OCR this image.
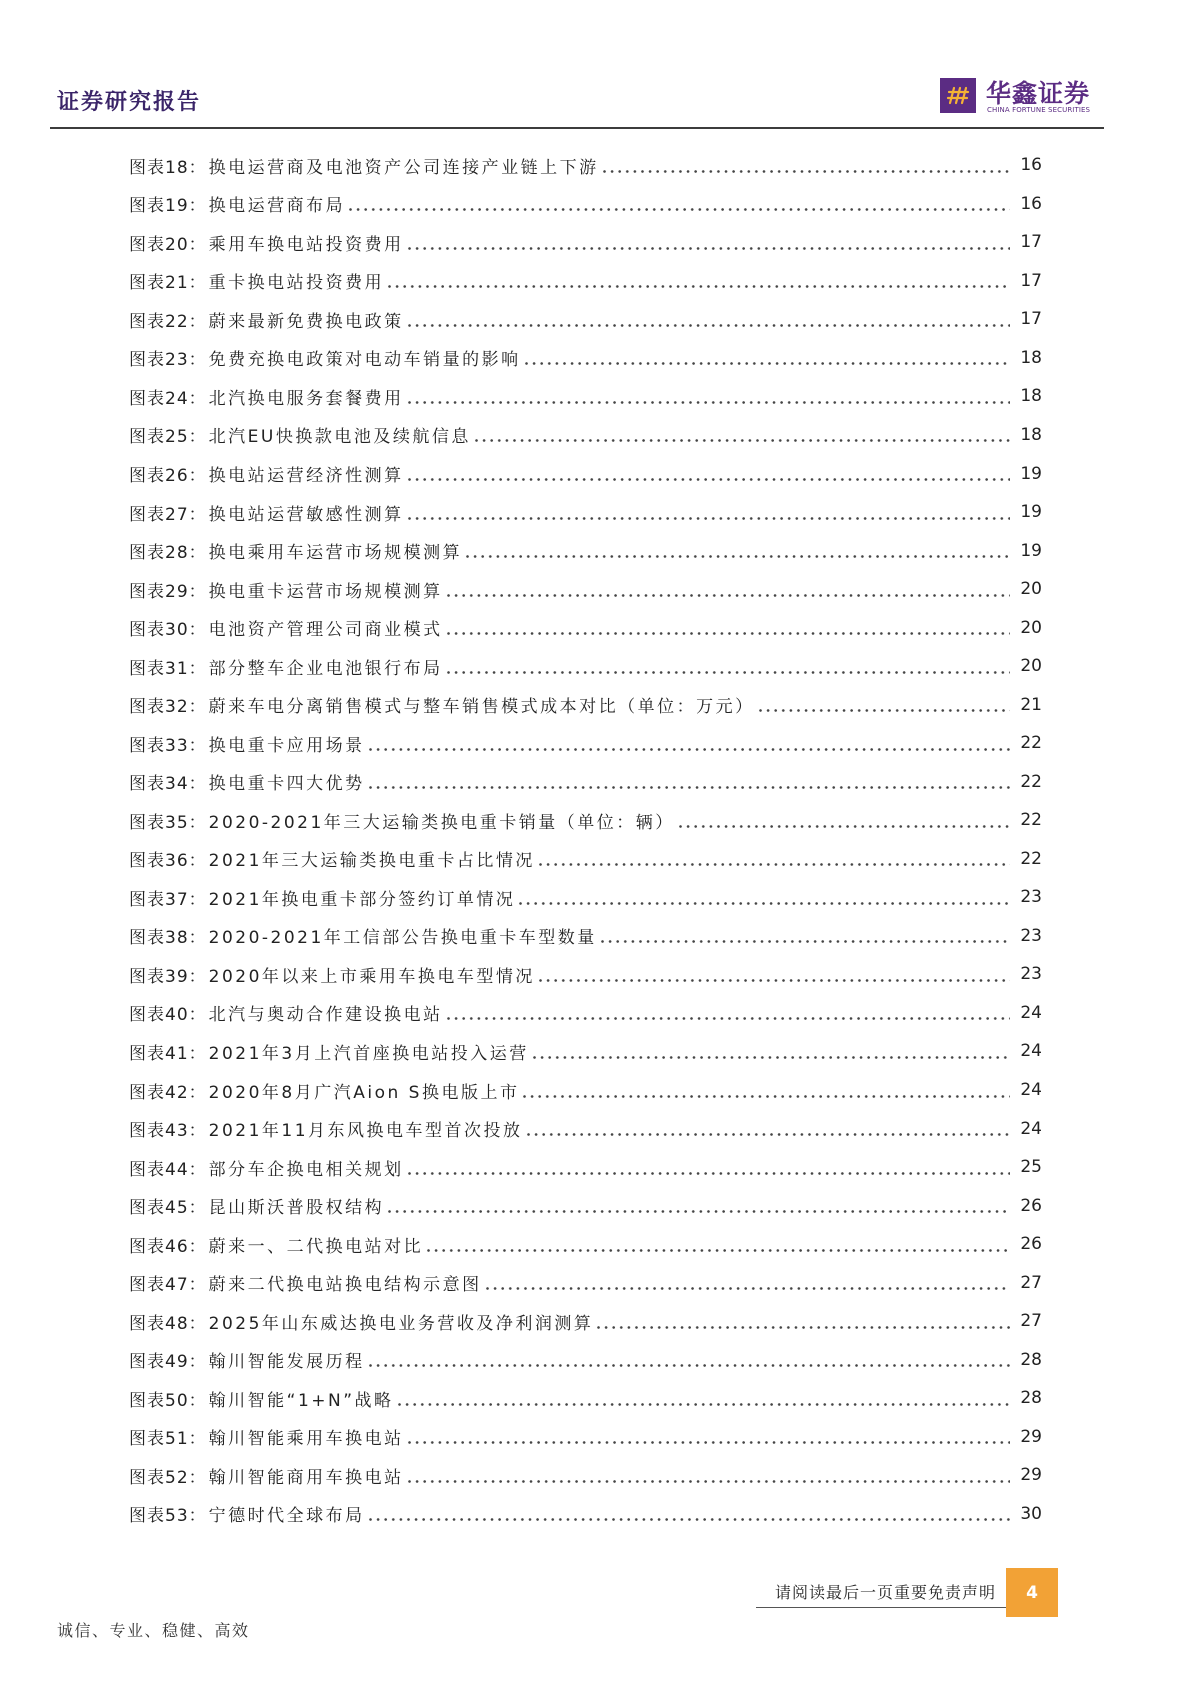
证券研究报告	华鑫证券
CHINA FORTUNE SECURITIES
图表18： 换电运营商及电池资产公司连接产业链上下游	16
图表19： 换电运营商布局	16
图表20： 乘用车换电站投资费用	17
图表21： 重卡换电站投资费用	17
图表22： 蔚来最新免费换电政策	17
图表23： 免费充换电政策对电动车销量的影响	18
图表24： 北汽换电服务套餐费用	18
图表25： 北汽EU快换款电池及续航信息	18
图表26： 换电站运营经济性测算	19
图表27： 换电站运营敏感性测算	19
图表28： 换电乘用车运营市场规模测算	19
图表29： 换电重卡运营市场规模测算	20
图表30： 电池资产管理公司商业模式	20
图表31： 部分整车企业电池银行布局	20
图表32： 蔚来车电分离销售模式与整车销售模式成本对比（单位：万元）	21
图表33： 换电重卡应用场景	22
图表34： 换电重卡四大优势	22
图表35： 2020-2021年三大运输类换电重卡销量（单位：辆）	22
图表36： 2021年三大运输类换电重卡占比情况	22
图表37： 2021年换电重卡部分签约订单情况	23
图表38： 2020-2021年工信部公告换电重卡车型数量	23
图表39： 2020年以来上市乘用车换电车型情况	23
图表40： 北汽与奥动合作建设换电站	24
图表41： 2021年3月上汽首座换电站投入运营	24
图表42： 2020年8月广汽Aion S换电版上市	24
图表43： 2021年11月东风换电车型首次投放	24
图表44： 部分车企换电相关规划	25
图表45： 昆山斯沃普股权结构	26
图表46： 蔚来一、二代换电站对比	26
图表47： 蔚来二代换电站换电结构示意图	27
图表48： 2025年山东威达换电业务营收及净利润测算	27
图表49： 翰川智能发展历程	28
图表50： 翰川智能“1+N”战略	28
图表51： 翰川智能乘用车换电站	29
图表52： 翰川智能商用车换电站	29
图表53： 宁德时代全球布局	30
请阅读最后一页重要免责声明 4
诚信、专业、稳健、高效
